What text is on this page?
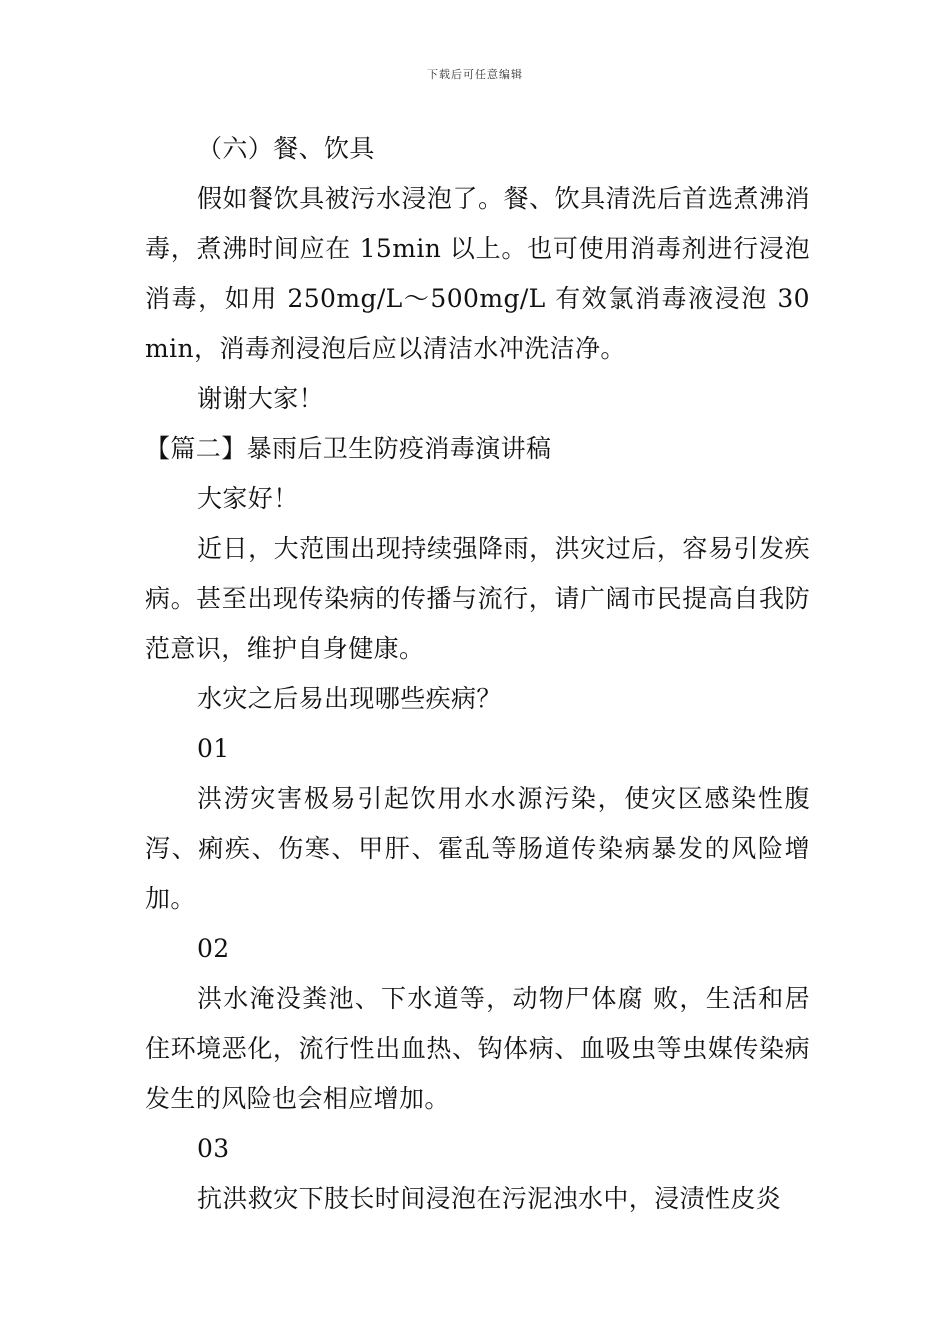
下载后可任意编辑

（六）餐、饮具

假如餐饮具被污水浸泡了。餐、饮具清洗后首选煮沸消毒，煮沸时间应在 15min 以上。也可使用消毒剂进行浸泡消毒，如用 250mg/L～500mg/L 有效氯消毒液浸泡 30min，消毒剂浸泡后应以清洁水冲洗洁净。

谢谢大家！

【篇二】暴雨后卫生防疫消毒演讲稿

大家好！

近日，大范围出现持续强降雨，洪灾过后，容易引发疾病。甚至出现传染病的传播与流行，请广阔市民提高自我防范意识，维护自身健康。

水灾之后易出现哪些疾病？

01

洪涝灾害极易引起饮用水水源污染，使灾区感染性腹泻、痢疾、伤寒、甲肝、霍乱等肠道传染病暴发的风险增加。

02

洪水淹没粪池、下水道等，动物尸体腐 败，生活和居住环境恶化，流行性出血热、钩体病、血吸虫等虫媒传染病发生的风险也会相应增加。

03

抗洪救灾下肢长时间浸泡在污泥浊水中，浸渍性皮炎
